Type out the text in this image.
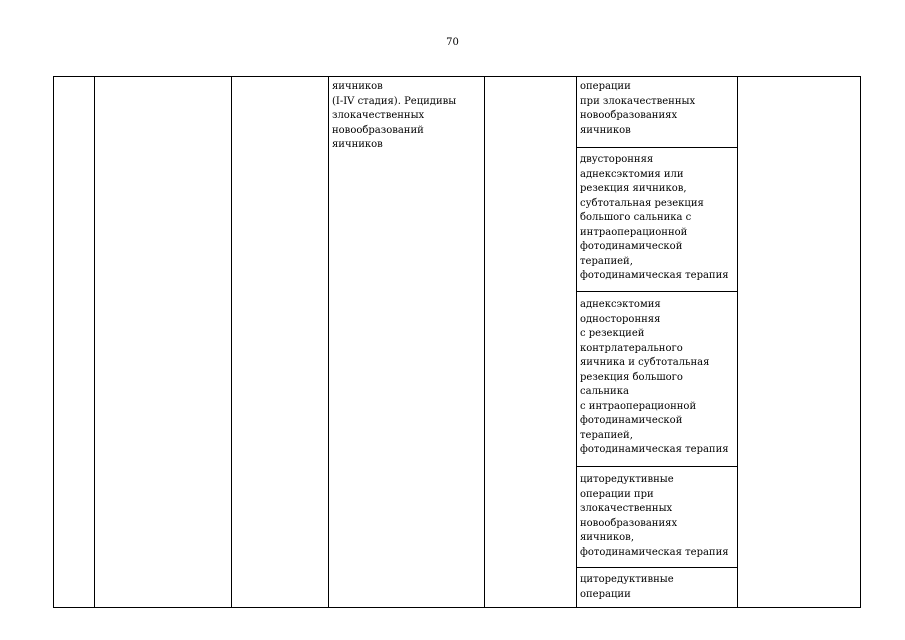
70
яичников
(I-IV стадия). Рецидивы
злокачественных
новообразований
яичников
операции
при злокачественных
новообразованиях
яичников
двусторонняя
аднексэктомия или
резекция яичников,
субтотальная резекция
большого сальника с
интраоперационной
фотодинамической
терапией,
фотодинамическая терапия
аднексэктомия
односторонняя
с резекцией
контрлатерального
яичника и субтотальная
резекция большого
сальника
с интраоперационной
фотодинамической
терапией,
фотодинамическая терапия
циторедуктивные
операции при
злокачественных
новообразованиях
яичников,
фотодинамическая терапия
циторедуктивные
операции
